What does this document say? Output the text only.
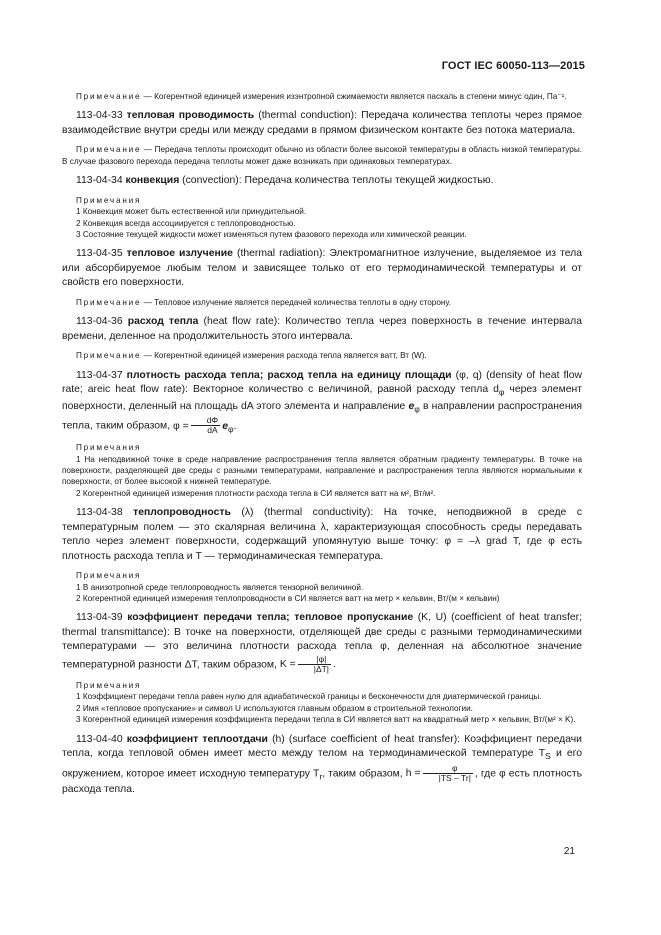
ГОСТ IEC 60050-113—2015

Примечание — Когерентной единицей измерения изэнтропной сжимаемости является паскаль в степени минус один, Па⁻¹.

113-04-33 тепловая проводимость (thermal conduction): Передача количества теплоты через прямое взаимодействие внутри среды или между средами в прямом физическом контакте без потока материала.

Примечание — Передача теплоты происходит обычно из области более высокой температуры в область низкой температуры. В случае фазового перехода передача теплоты может даже возникать при одинаковых температурах.

113-04-34 конвекция (convection): Передача количества теплоты текущей жидкостью.

Примечания

1 Конвекция может быть естественной или принудительной.

2 Конвекция всегда ассоциируется с теплопроводностью.

3 Состояние текущей жидкости может изменяться путем фазового перехода или химической реакции.

113-04-35 тепловое излучение (thermal radiation): Электромагнитное излучение, выделяемое из тела или абсорбируемое любым телом и зависящее только от его термодинамической температуры и от свойств его поверхности.

Примечание — Тепловое излучение является передачей количества теплоты в одну сторону.

113-04-36 расход тепла (heat flow rate): Количество тепла через поверхность в течение интервала времени, деленное на продолжительность этого интервала.

Примечание — Когерентной единицей измерения расхода тепла является ватт, Вт (W).

113-04-37 плотность расхода тепла; расход тепла на единицу площади (φ, q) (density of heat flow rate; areic heat flow rate): Векторное количество с величиной, равной расходу тепла $d_\varphi$ через элемент поверхности, деленный на площадь dA этого элемента и направление $e_\varphi$ в направлении распространения тепла, таким образом, $\varphi = \frac{d\Phi}{dA} e_\varphi$.

Примечания

1 На неподвижной точке в среде направление распространения тепла является обратным градиенту температуры. В точке на поверхности, разделяющей две среды с разными температурами, направление и распространения тепла являются нормальными к поверхности, от более высокой к нижней температуре.

2 Когерентной единицей измерения плотности расхода тепла в СИ является ватт на м², Вт/м².

113-04-38 теплопроводность (λ) (thermal conductivity): На точке, неподвижной в среде с температурным полем — это скалярная величина λ, характеризующая способность среды передавать тепло через элемент поверхности, содержащий упомянутую выше точку: φ = –λ grad T, где φ есть плотность расхода тепла и T — термодинамическая температура.

Примечания

1 В анизотропной среде теплопроводность является тензорной величиной.

2 Когерентной единицей измерения теплопроводности в СИ является ватт на метр × кельвин, Вт/(м × кельвин)

113-04-39 коэффициент передачи тепла; тепловое пропускание (K, U) (coefficient of heat transfer; thermal transmittance): В точке на поверхности, отделяющей две среды с разными термодинамическими температурами — это величина плотности расхода тепла φ, деленная на абсолютное значение температурной разности ΔT, таким образом, $K = \frac{|\varphi|}{|\Delta T|}$ .

Примечания

1 Коэффициент передачи тепла равен нулю для адиабатической границы и бесконечности для диатермической границы.

2 Имя «тепловое пропускание» и символ U используются главным образом в строительной технологии.

3 Когерентной единицей измерения коэффициента передачи тепла в СИ является ватт на квадратный метр × кельвин, Вт/(м² × K).

113-04-40 коэффициент теплоотдачи (h) (surface coefficient of heat transfer): Коэффициент передачи тепла, когда тепловой обмен имеет место между телом на термодинамической температуре $T_S$ и его окружением, которое имеет исходную температуру $T_r$, таким образом, $h = \frac{\varphi}{|TS - Tr|}$ , где φ есть плотность расхода тепла.

21
